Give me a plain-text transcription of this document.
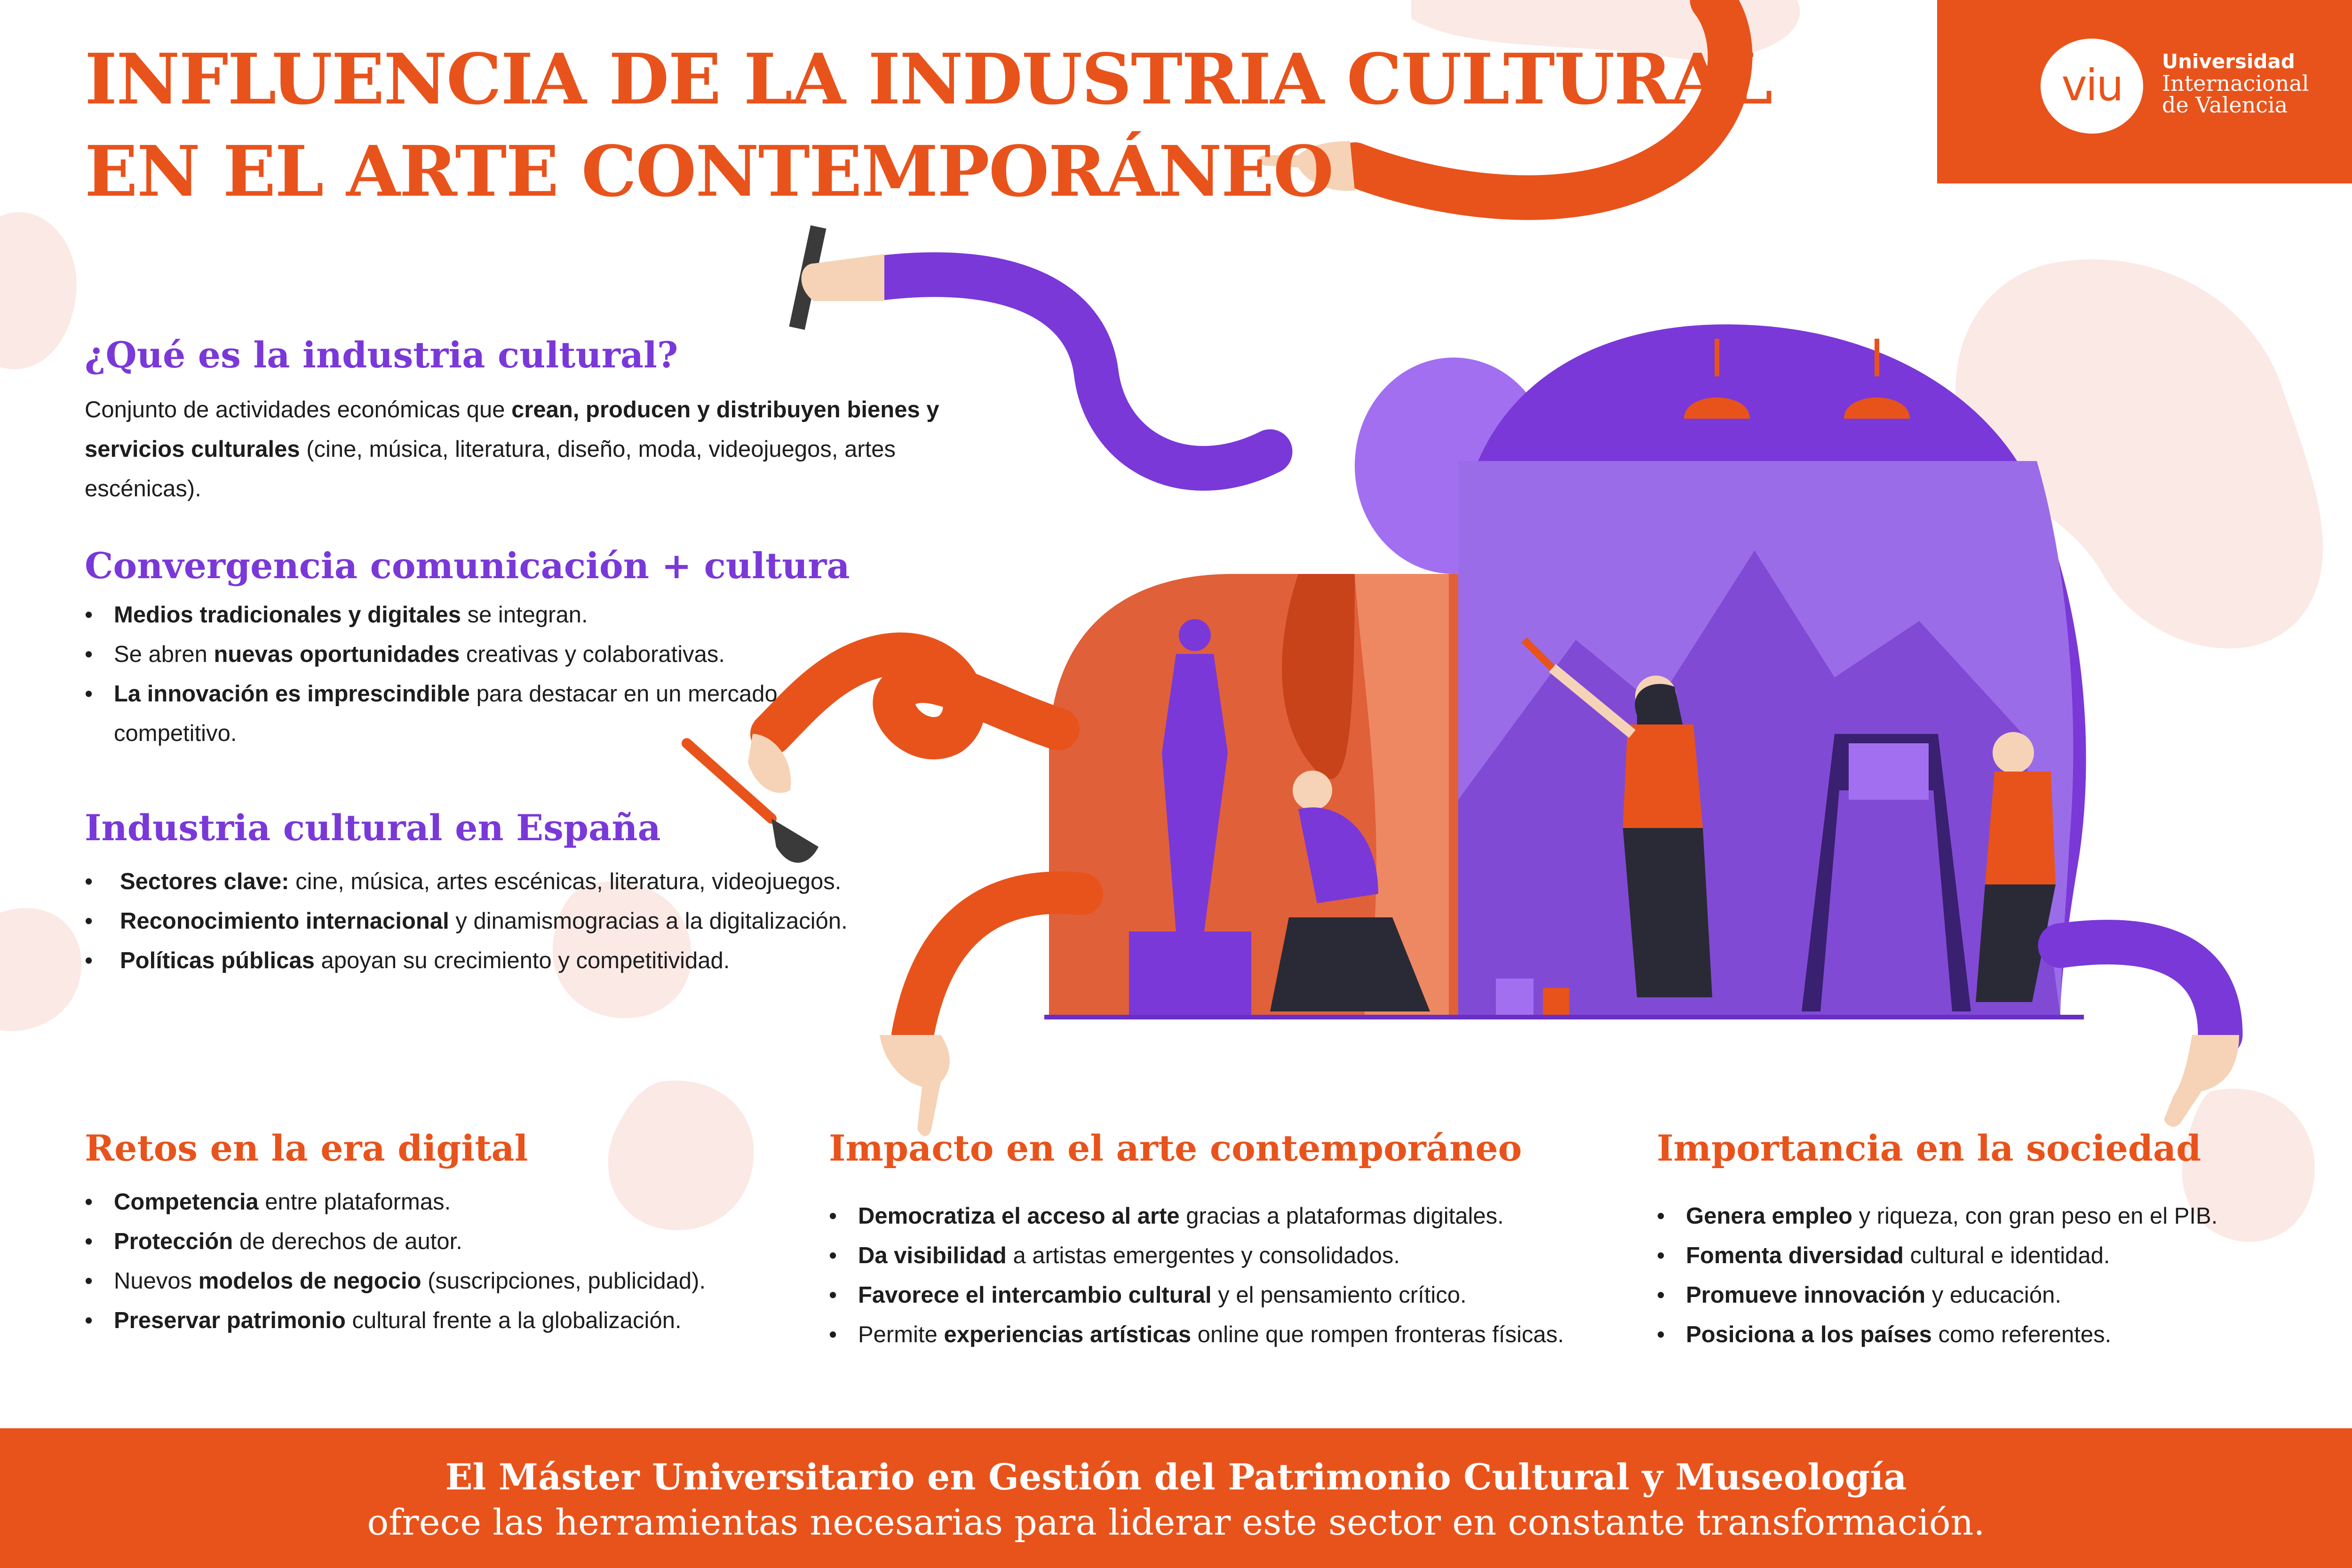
INFLUENCIA DE LA INDUSTRIA CULTURAL
EN EL ARTE CONTEMPORÁNEO
viu	Universidad
Internacional
de Valencia
¿Qué es la industria cultural?

Conjunto de actividades económicas que crean, producen y distribuyen bienes y servicios culturales (cine, música, literatura, diseño, moda, videojuegos, artes escénicas).

Convergencia comunicación + cultura
• Medios tradicionales y digitales se integran.
• Se abren nuevas oportunidades creativas y colaborativas.
• La innovación es imprescindible para destacar en un mercado competitivo.
Industria cultural en España
• Sectores clave: cine, música, artes escénicas, literatura, videojuegos.
• Reconocimiento internacional y dinamismogracias a la digitalización.
• Políticas públicas apoyan su crecimiento y competitividad.
Retos en la era digital
• Competencia entre plataformas.
• Protección de derechos de autor.
• Nuevos modelos de negocio (suscripciones, publicidad).
• Preservar patrimonio cultural frente a la globalización.
Impacto en el arte contemporáneo
• Democratiza el acceso al arte gracias a plataformas digitales.
• Da visibilidad a artistas emergentes y consolidados.
• Favorece el intercambio cultural y el pensamiento crítico.
• Permite experiencias artísticas online que rompen fronteras físicas.
Importancia en la sociedad
• Genera empleo y riqueza, con gran peso en el PIB.
• Fomenta diversidad cultural e identidad.
• Promueve innovación y educación.
• Posiciona a los países como referentes.
El Máster Universitario en Gestión del Patrimonio Cultural y Museología
ofrece las herramientas necesarias para liderar este sector en constante transformación.
